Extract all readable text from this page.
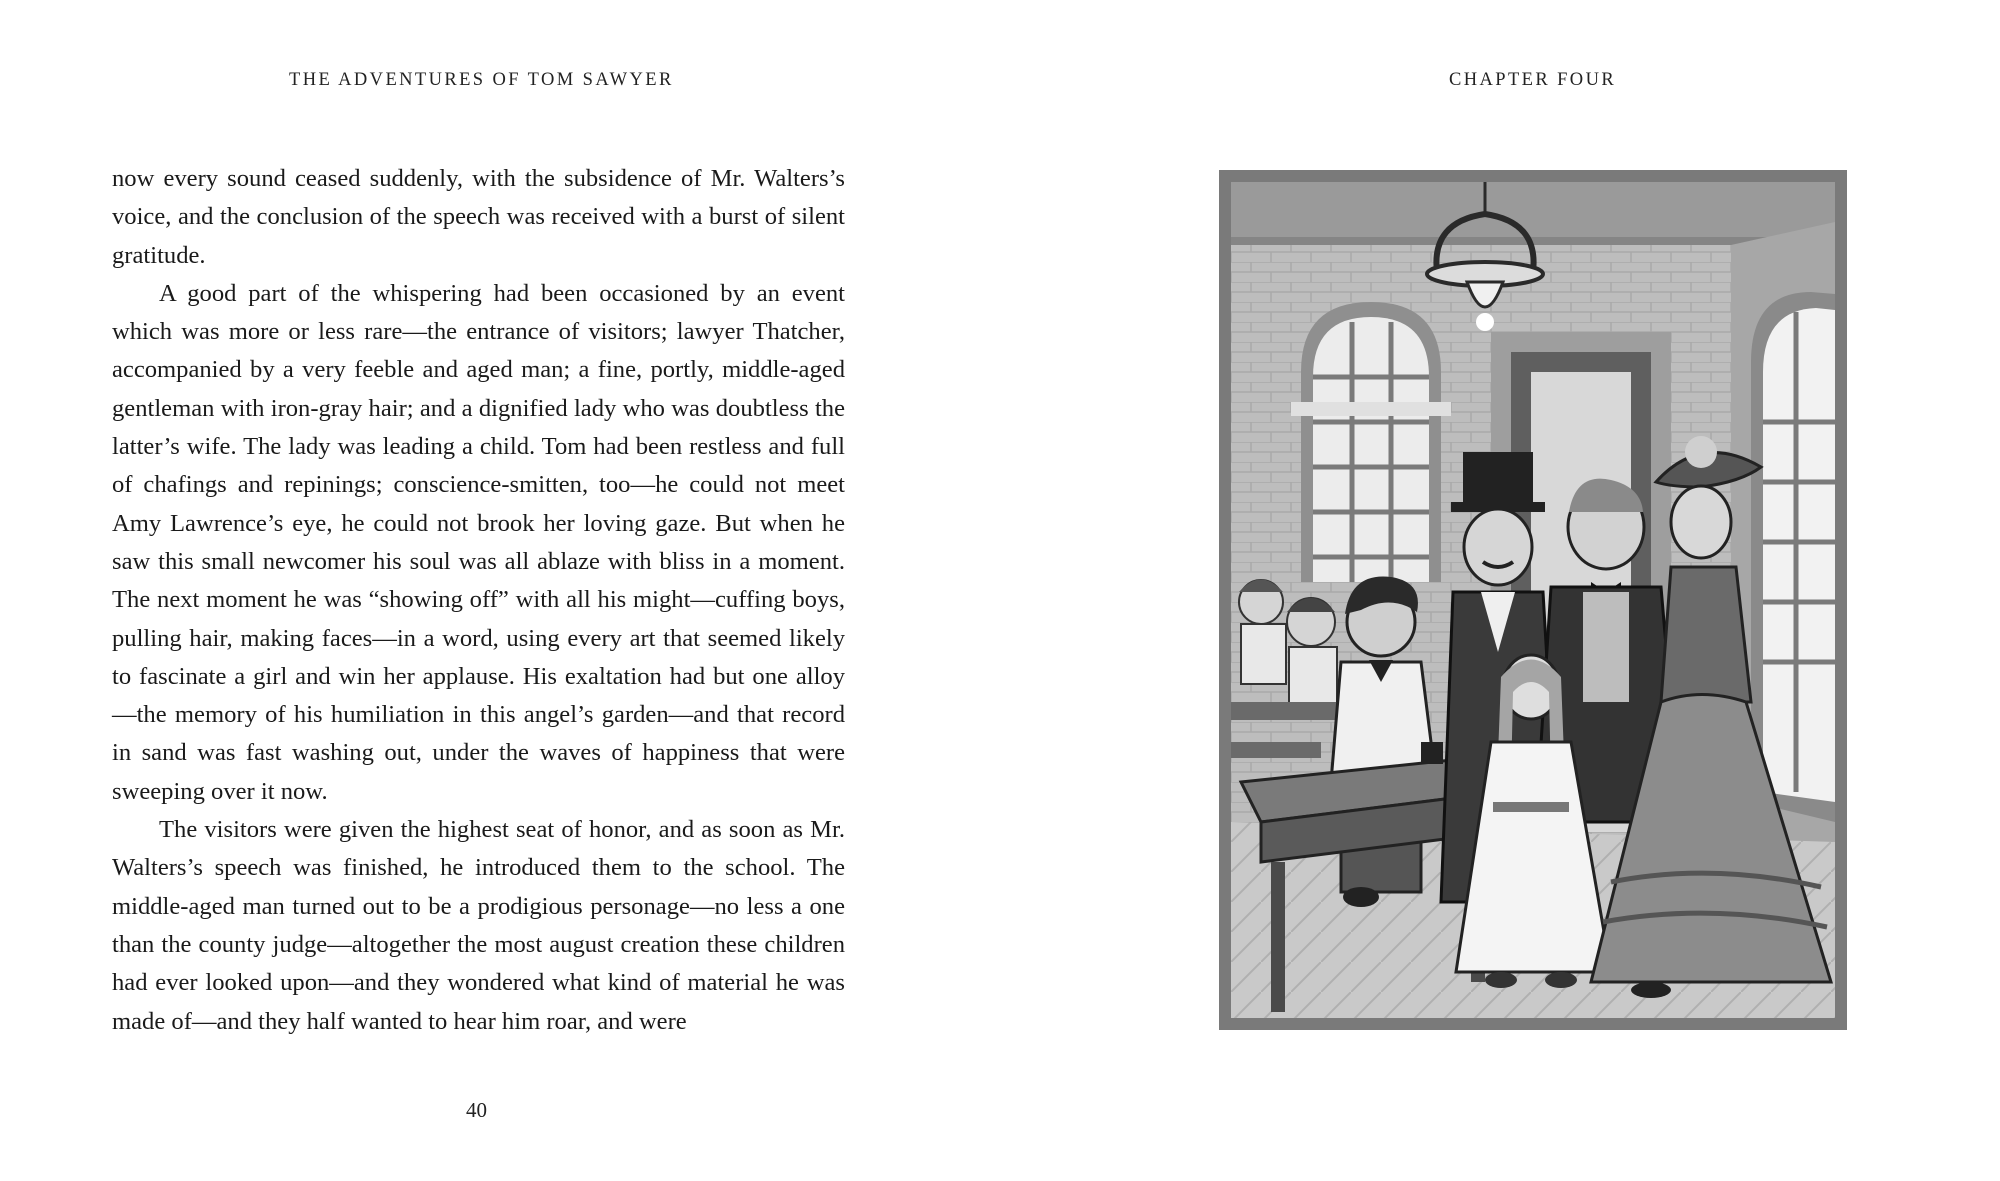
THE ADVENTURES OF TOM SAWYER	CHAPTER FOUR

now every sound ceased suddenly, with the subsidence of Mr. Walters’s voice, and the conclusion of the speech was received with a burst of silent gratitude.

A good part of the whispering had been occasioned by an event which was more or less rare—the entrance of visitors; lawyer Thatcher, accompanied by a very feeble and aged man; a fine, portly, middle-aged gentleman with iron-gray hair; and a dignified lady who was doubtless the latter’s wife. The lady was leading a child. Tom had been restless and full of chafings and repinings; conscience-smitten, too—he could not meet Amy Lawrence’s eye, he could not brook her loving gaze. But when he saw this small newcomer his soul was all ablaze with bliss in a moment. The next moment he was “showing off” with all his might—cuffing boys, pulling hair, making faces—in a word, using every art that seemed likely to fascinate a girl and win her applause. His exaltation had but one alloy—the memory of his humiliation in this angel’s garden—and that record in sand was fast washing out, under the waves of happiness that were sweeping over it now.

The visitors were given the highest seat of honor, and as soon as Mr. Walters’s speech was finished, he introduced them to the school. The middle-aged man turned out to be a prodigious personage—no less a one than the county judge—altogether the most august creation these children had ever looked upon—and they wondered what kind of material he was made of—and they half wanted to hear him roar, and were

40
